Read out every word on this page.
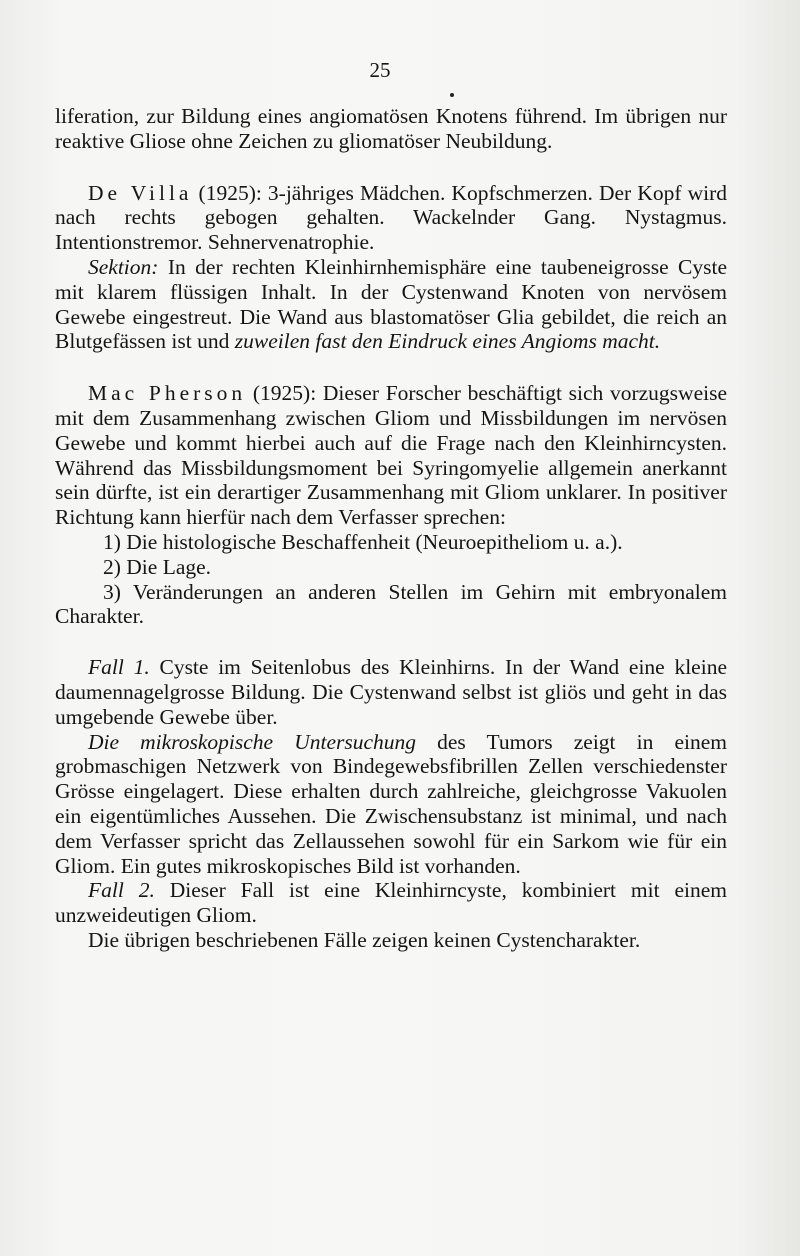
25

liferation, zur Bildung eines angiomatösen Knotens führend. Im übrigen nur reaktive Gliose ohne Zeichen zu gliomatöser Neubildung.

De Villa (1925): 3-jähriges Mädchen. Kopfschmerzen. Der Kopf wird nach rechts gebogen gehalten. Wackelnder Gang. Nystagmus. Intentionstremor. Sehnervenatrophie.

Sektion: In der rechten Kleinhirnhemisphäre eine taubeneigrosse Cyste mit klarem flüssigen Inhalt. In der Cystenwand Knoten von nervösem Gewebe eingestreut. Die Wand aus blastomatöser Glia gebildet, die reich an Blutgefässen ist und zuweilen fast den Eindruck eines Angioms macht.

Mac Pherson (1925): Dieser Forscher beschäftigt sich vorzugsweise mit dem Zusammenhang zwischen Gliom und Missbildungen im nervösen Gewebe und kommt hierbei auch auf die Frage nach den Kleinhirncysten. Während das Missbildungsmoment bei Syringomyelie allgemein anerkannt sein dürfte, ist ein derartiger Zusammenhang mit Gliom unklarer. In positiver Richtung kann hierfür nach dem Verfasser sprechen:

1) Die histologische Beschaffenheit (Neuroepitheliom u. a.).

2) Die Lage.

3) Veränderungen an anderen Stellen im Gehirn mit embryonalem Charakter.

Fall 1. Cyste im Seitenlobus des Kleinhirns. In der Wand eine kleine daumennagelgrosse Bildung. Die Cystenwand selbst ist gliös und geht in das umgebende Gewebe über.

Die mikroskopische Untersuchung des Tumors zeigt in einem grobmaschigen Netzwerk von Bindegewebsfibrillen Zellen verschiedenster Grösse eingelagert. Diese erhalten durch zahlreiche, gleichgrosse Vakuolen ein eigentümliches Aussehen. Die Zwischensubstanz ist minimal, und nach dem Verfasser spricht das Zellaussehen sowohl für ein Sarkom wie für ein Gliom. Ein gutes mikroskopisches Bild ist vorhanden.

Fall 2. Dieser Fall ist eine Kleinhirncyste, kombiniert mit einem unzweideutigen Gliom.

Die übrigen beschriebenen Fälle zeigen keinen Cystencharakter.
